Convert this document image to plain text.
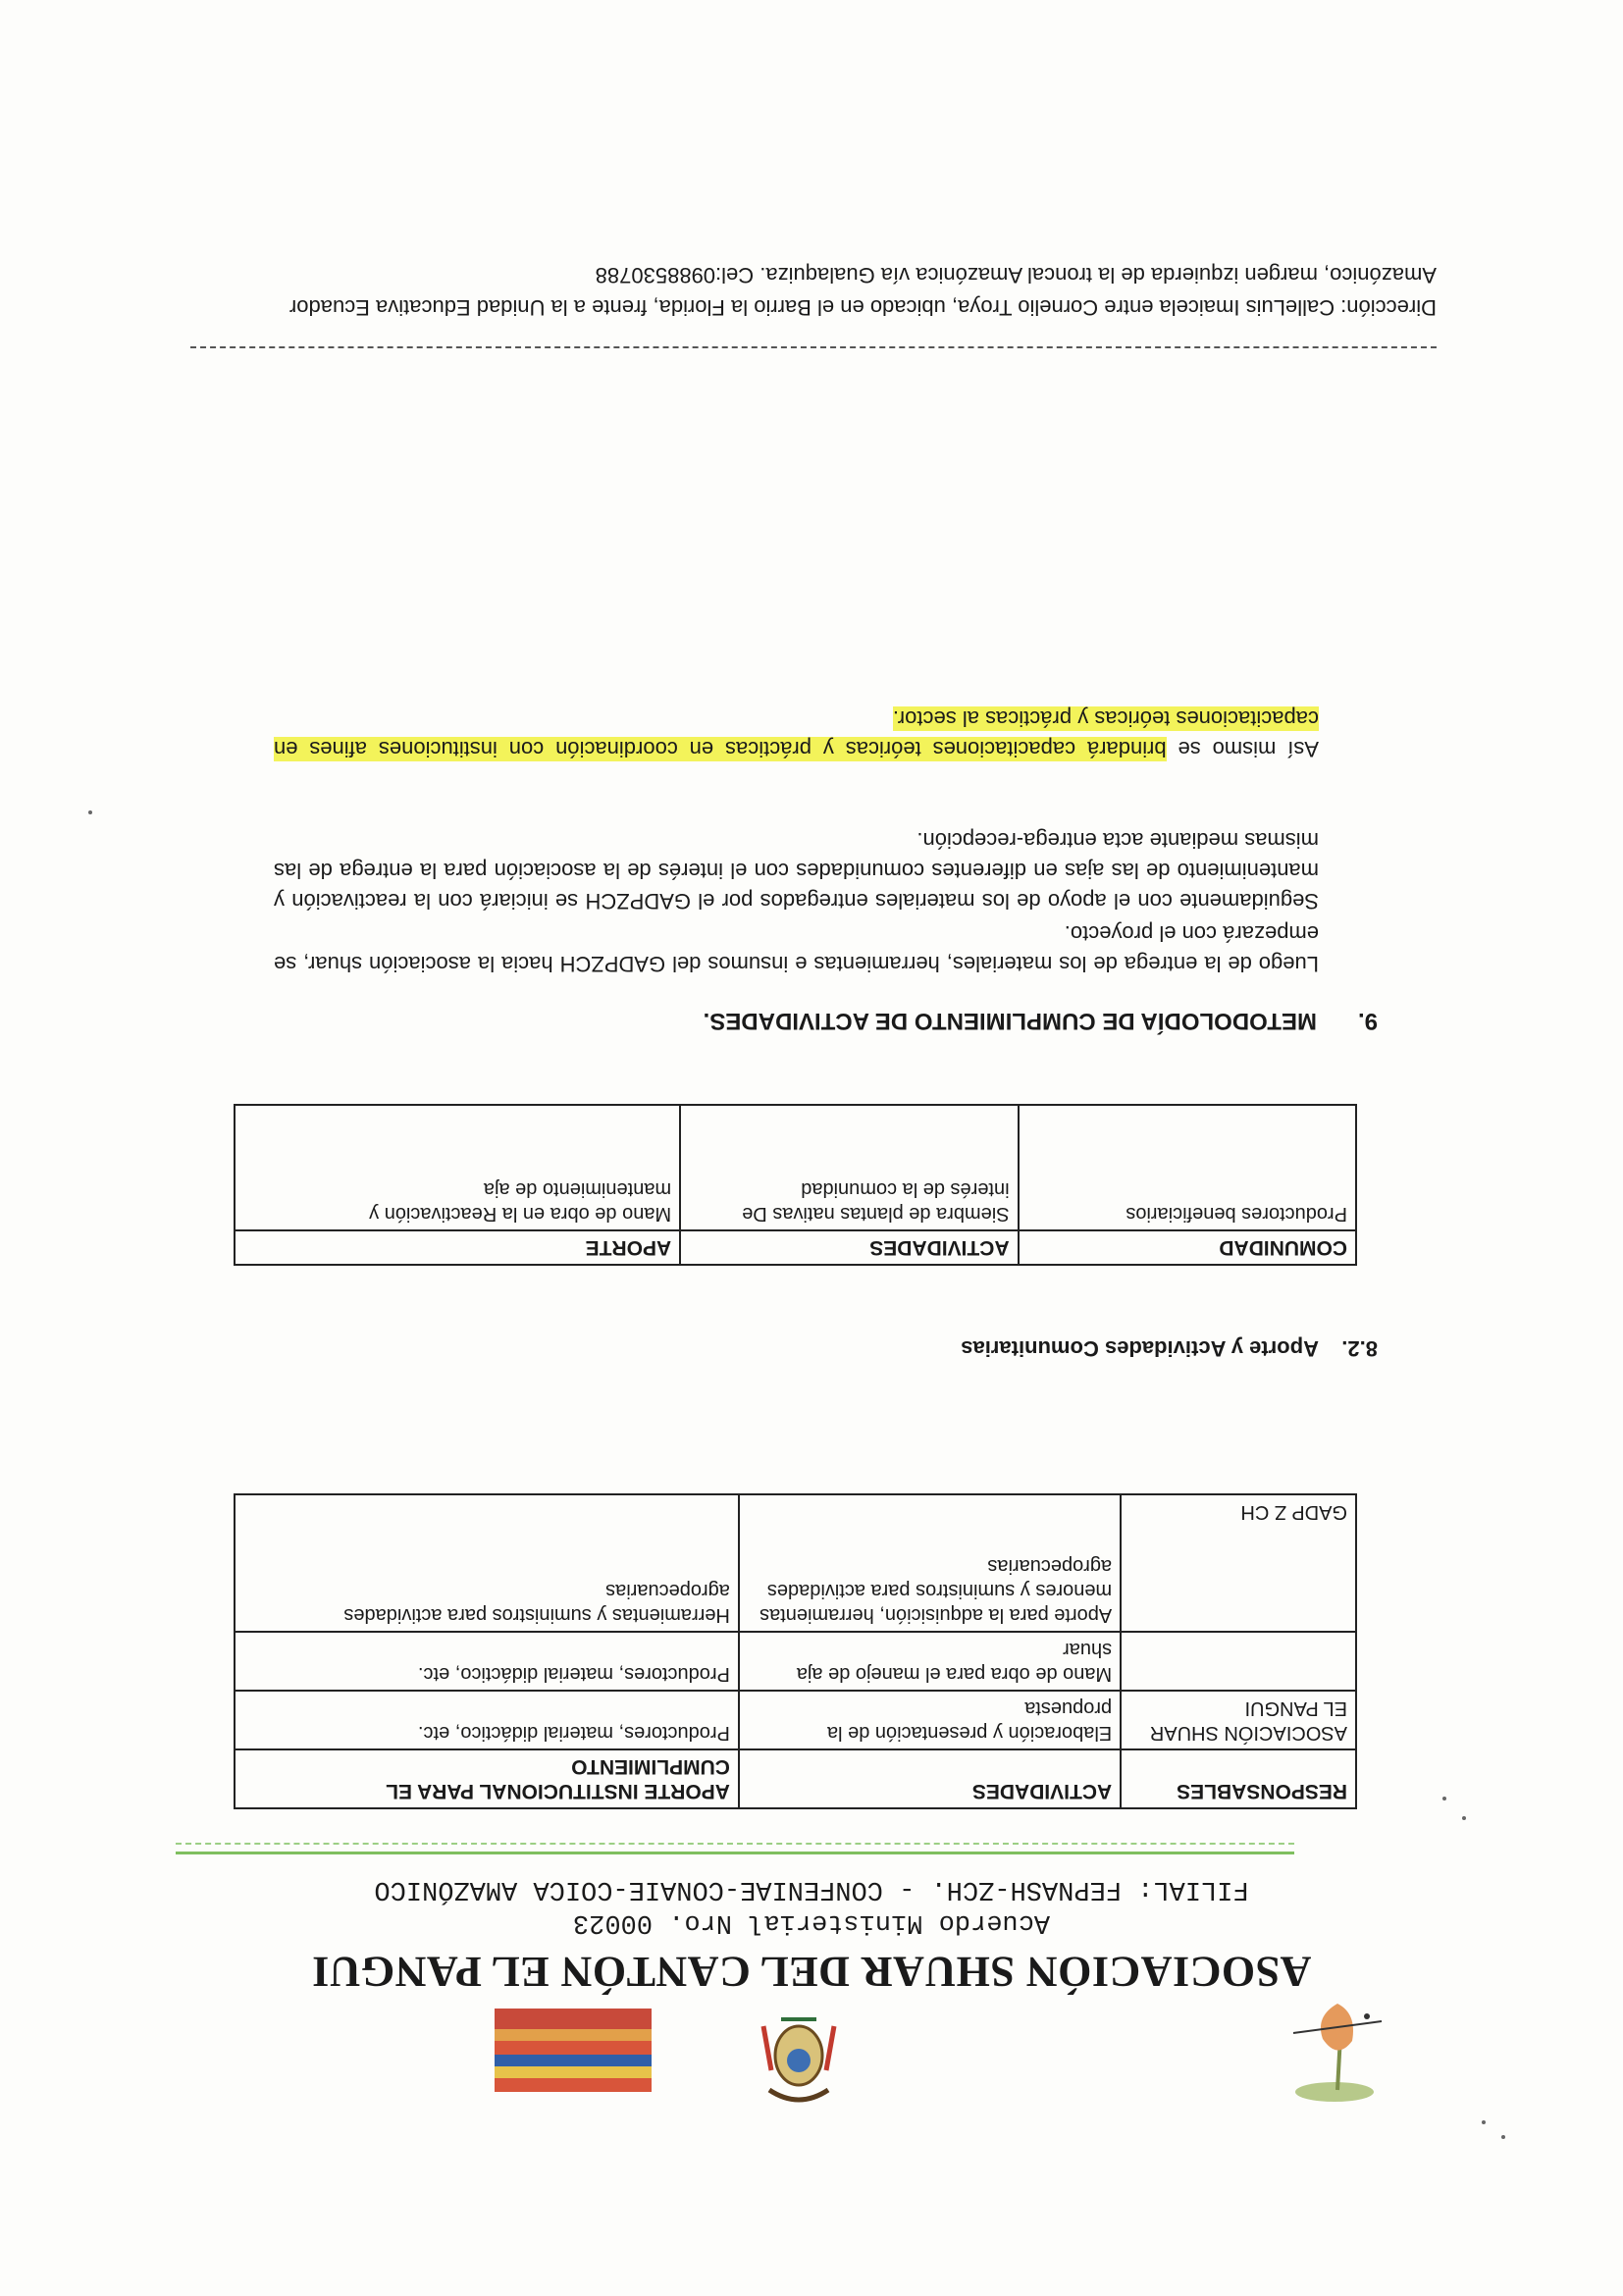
ASOCIACIÓN SHUAR DEL CANTÓN EL PANGUI
Acuerdo Ministerial Nro. 00023
FILIAL: FEPNASH-ZCH. - CONFENIAE-CONAIE-COICA AMAZÓNICO
RESPONSABLES	ACTIVIDADES	APORTE INSTITUCIONAL PARA EL CUMPLIMIENTO
ASOCIACIÓN SHUAR EL PANGUI	Elaboración y presentación de la propuesta	Productores, material didáctico, etc.
	Mano de obra para el manejo de aja shuar	Productores, material didáctico, etc.
GADP Z CH	Aporte para la adquisición, herramientas menores y suministros para actividades agropecuarias	Herramientas y suministros para actividades agropecuarias
8.2.Aporte y Actividades Comunitarias
COMUNIDAD	ACTIVIDADES	APORTE
Productores beneficiarios	Siembra de plantas nativas De interés de la comunidad	Mano de obra en la Reactivación y mantenimiento de aja
9.METODOLODÍA DE CUMPLIMIENTO DE ACTIVIDADES.
Luego de la entrega de los materiales, herramientas e insumos del GADPZCH hacia la asociación shuar, se empezará con el proyecto.
Seguidamente con el apoyo de los materiales entregados por el GADPZCH se iniciará con la reactivación y mantenimiento de las ajas en diferentes comunidades con el interés de la asociación para la entrega de las mismas mediante acta entrega-recepción.
Así mismo se brindará capacitaciones teóricas y prácticas en coordinación con instituciones afines en capacitaciones teóricas y prácticas al sector.
Dirección: CalleLuis Imaicela entre Cornelio Troya, ubicado en el Barrio la Florida, frente a la Unidad Educativa Ecuador Amazónico, margen izquierda de la troncal Amazónica vía Gualaquiza. Cel:0988530788
